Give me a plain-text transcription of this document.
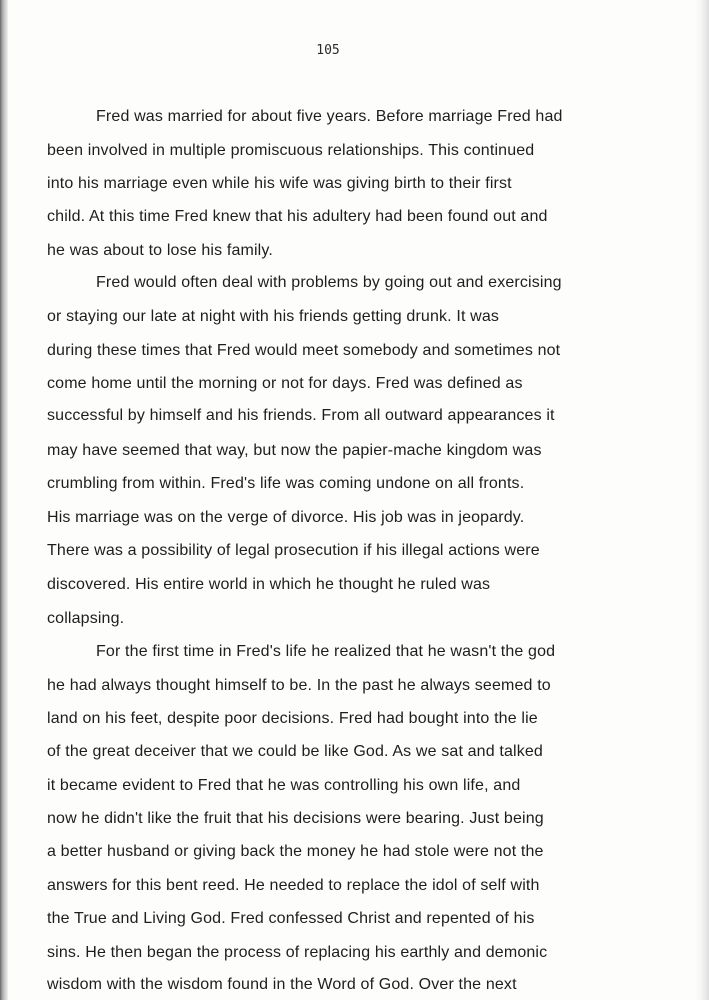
105

Fred was married for about five years. Before marriage Fred had

been involved in multiple promiscuous relationships. This continued

into his marriage even while his wife was giving birth to their first

child. At this time Fred knew that his adultery had been found out and

he was about to lose his family.

Fred would often deal with problems by going out and exercising

or staying our late at night with his friends getting drunk. It was

during these times that Fred would meet somebody and sometimes not

come home until the morning or not for days. Fred was defined as

successful by himself and his friends. From all outward appearances it

may have seemed that way, but now the papier-mache kingdom was

crumbling from within. Fred's life was coming undone on all fronts.

His marriage was on the verge of divorce. His job was in jeopardy.

There was a possibility of legal prosecution if his illegal actions were

discovered. His entire world in which he thought he ruled was

collapsing.

For the first time in Fred's life he realized that he wasn't the god

he had always thought himself to be. In the past he always seemed to

land on his feet, despite poor decisions. Fred had bought into the lie

of the great deceiver that we could be like God. As we sat and talked

it became evident to Fred that he was controlling his own life, and

now he didn't like the fruit that his decisions were bearing. Just being

a better husband or giving back the money he had stole were not the

answers for this bent reed. He needed to replace the idol of self with

the True and Living God. Fred confessed Christ and repented of his

sins. He then began the process of replacing his earthly and demonic

wisdom with the wisdom found in the Word of God. Over the next
